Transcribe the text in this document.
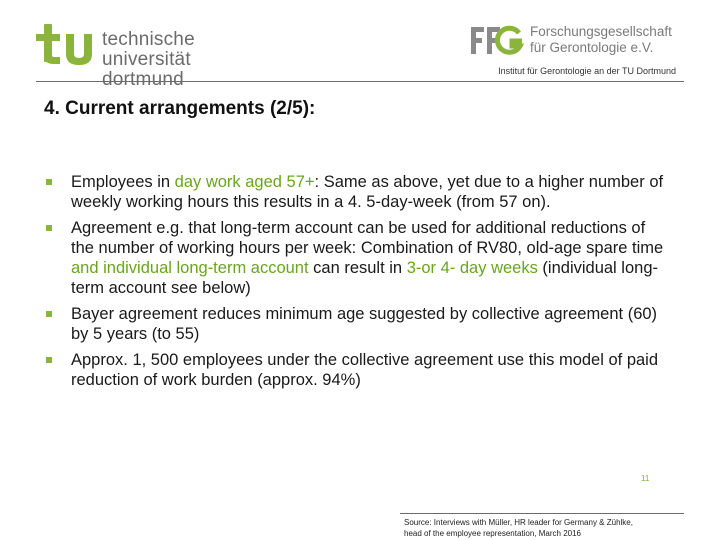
technische universität
dortmund
Forschungsgesellschaft
für Gerontologie e.V.
Institut für Gerontologie an der TU Dortmund
4. Current arrangements (2/5):
Employees in day work aged 57+: Same as above, yet due to a higher number of weekly working hours this results in a 4. 5-day-week (from 57 on).
Agreement e.g. that long-term account can be used for additional reductions of the number of working hours per week: Combination of RV80, old-age spare time and individual long-term account can result in 3-or 4- day weeks (individual long-term account see below)
Bayer agreement reduces minimum age suggested by collective agreement (60) by 5 years (to 55)
Approx. 1, 500 employees under the collective agreement use this model of paid reduction of work burden (approx. 94%)
11
Source: Interviews with Müller, HR leader for Germany & Zühlke,
head of the employee representation, March 2016
